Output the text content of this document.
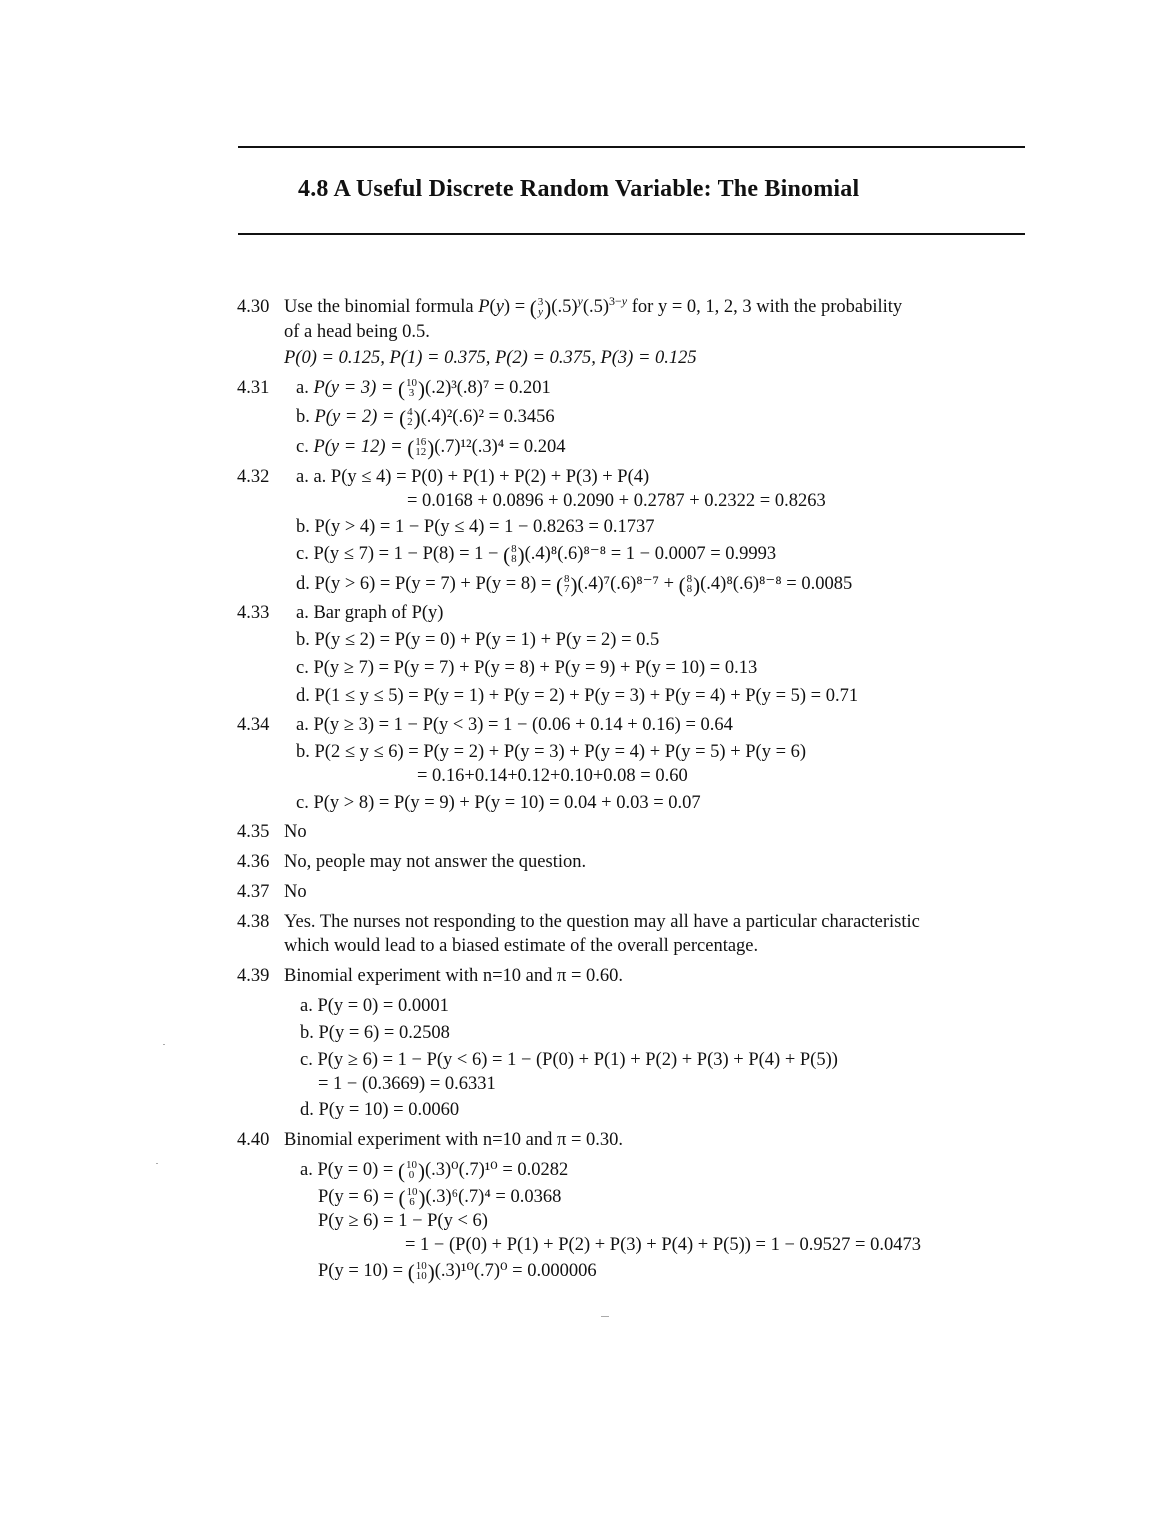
4.8 A Useful Discrete Random Variable: The Binomial
4.30 Use the binomial formula P(y) = ( 3
y )$(.5)^y(.5)^{3-y}$ for y = 0, 1, 2, 3 with the probability
of a head being 0.5.
P(0) = 0.125, P(1) = 0.375, P(2) = 0.375, P(3) = 0.125
4.31 a. P(y = 3) = ( 10
3 )(.2)³(.8)⁷ = 0.201
b. P(y = 2) = ( 4
2 )(.4)²(.6)² = 0.3456
c. P(y = 12) = ( 16
12 )(.7)¹²(.3)⁴ = 0.204
4.32 a. a. P(y ≤ 4) = P(0) + P(1) + P(2) + P(3) + P(4)
= 0.0168 + 0.0896 + 0.2090 + 0.2787 + 0.2322 = 0.8263
b. P(y > 4) = 1 − P(y ≤ 4) = 1 − 0.8263 = 0.1737
c. P(y ≤ 7) = 1 − P(8) = 1 − ( 8
8 )(.4)⁸(.6)⁸⁻⁸ = 1 − 0.0007 = 0.9993
d. P(y > 6) = P(y = 7) + P(y = 8) = ( 8
7 )(.4)⁷(.6)⁸⁻⁷ + ( 8
8 )(.4)⁸(.6)⁸⁻⁸ = 0.0085
4.33 a. Bar graph of P(y)
b. P(y ≤ 2) = P(y = 0) + P(y = 1) + P(y = 2) = 0.5
c. P(y ≥ 7) = P(y = 7) + P(y = 8) + P(y = 9) + P(y = 10) = 0.13
d. P(1 ≤ y ≤ 5) = P(y = 1) + P(y = 2) + P(y = 3) + P(y = 4) + P(y = 5) = 0.71
4.34 a. P(y ≥ 3) = 1 − P(y < 3) = 1 − (0.06 + 0.14 + 0.16) = 0.64
b. P(2 ≤ y ≤ 6) = P(y = 2) + P(y = 3) + P(y = 4) + P(y = 5) + P(y = 6)
= 0.16+0.14+0.12+0.10+0.08 = 0.60
c. P(y > 8) = P(y = 9) + P(y = 10) = 0.04 + 0.03 = 0.07
4.35 No
4.36 No, people may not answer the question.
4.37 No
4.38 Yes. The nurses not responding to the question may all have a particular characteristic
which would lead to a biased estimate of the overall percentage.
4.39 Binomial experiment with n=10 and π = 0.60.
a. P(y = 0) = 0.0001
b. P(y = 6) = 0.2508
c. P(y ≥ 6) = 1 − P(y < 6) = 1 − (P(0) + P(1) + P(2) + P(3) + P(4) + P(5))
= 1 − (0.3669) = 0.6331
d. P(y = 10) = 0.0060
4.40 Binomial experiment with n=10 and π = 0.30.
a. P(y = 0) = ( 10
0 )(.3)⁰(.7)¹⁰ = 0.0282
P(y = 6) = ( 10
6 )(.3)⁶(.7)⁴ = 0.0368
P(y ≥ 6) = 1 − P(y < 6)
= 1 − (P(0) + P(1) + P(2) + P(3) + P(4) + P(5)) = 1 − 0.9527 = 0.0473
P(y = 10) = ( 10
10 )(.3)¹⁰(.7)⁰ = 0.000006
